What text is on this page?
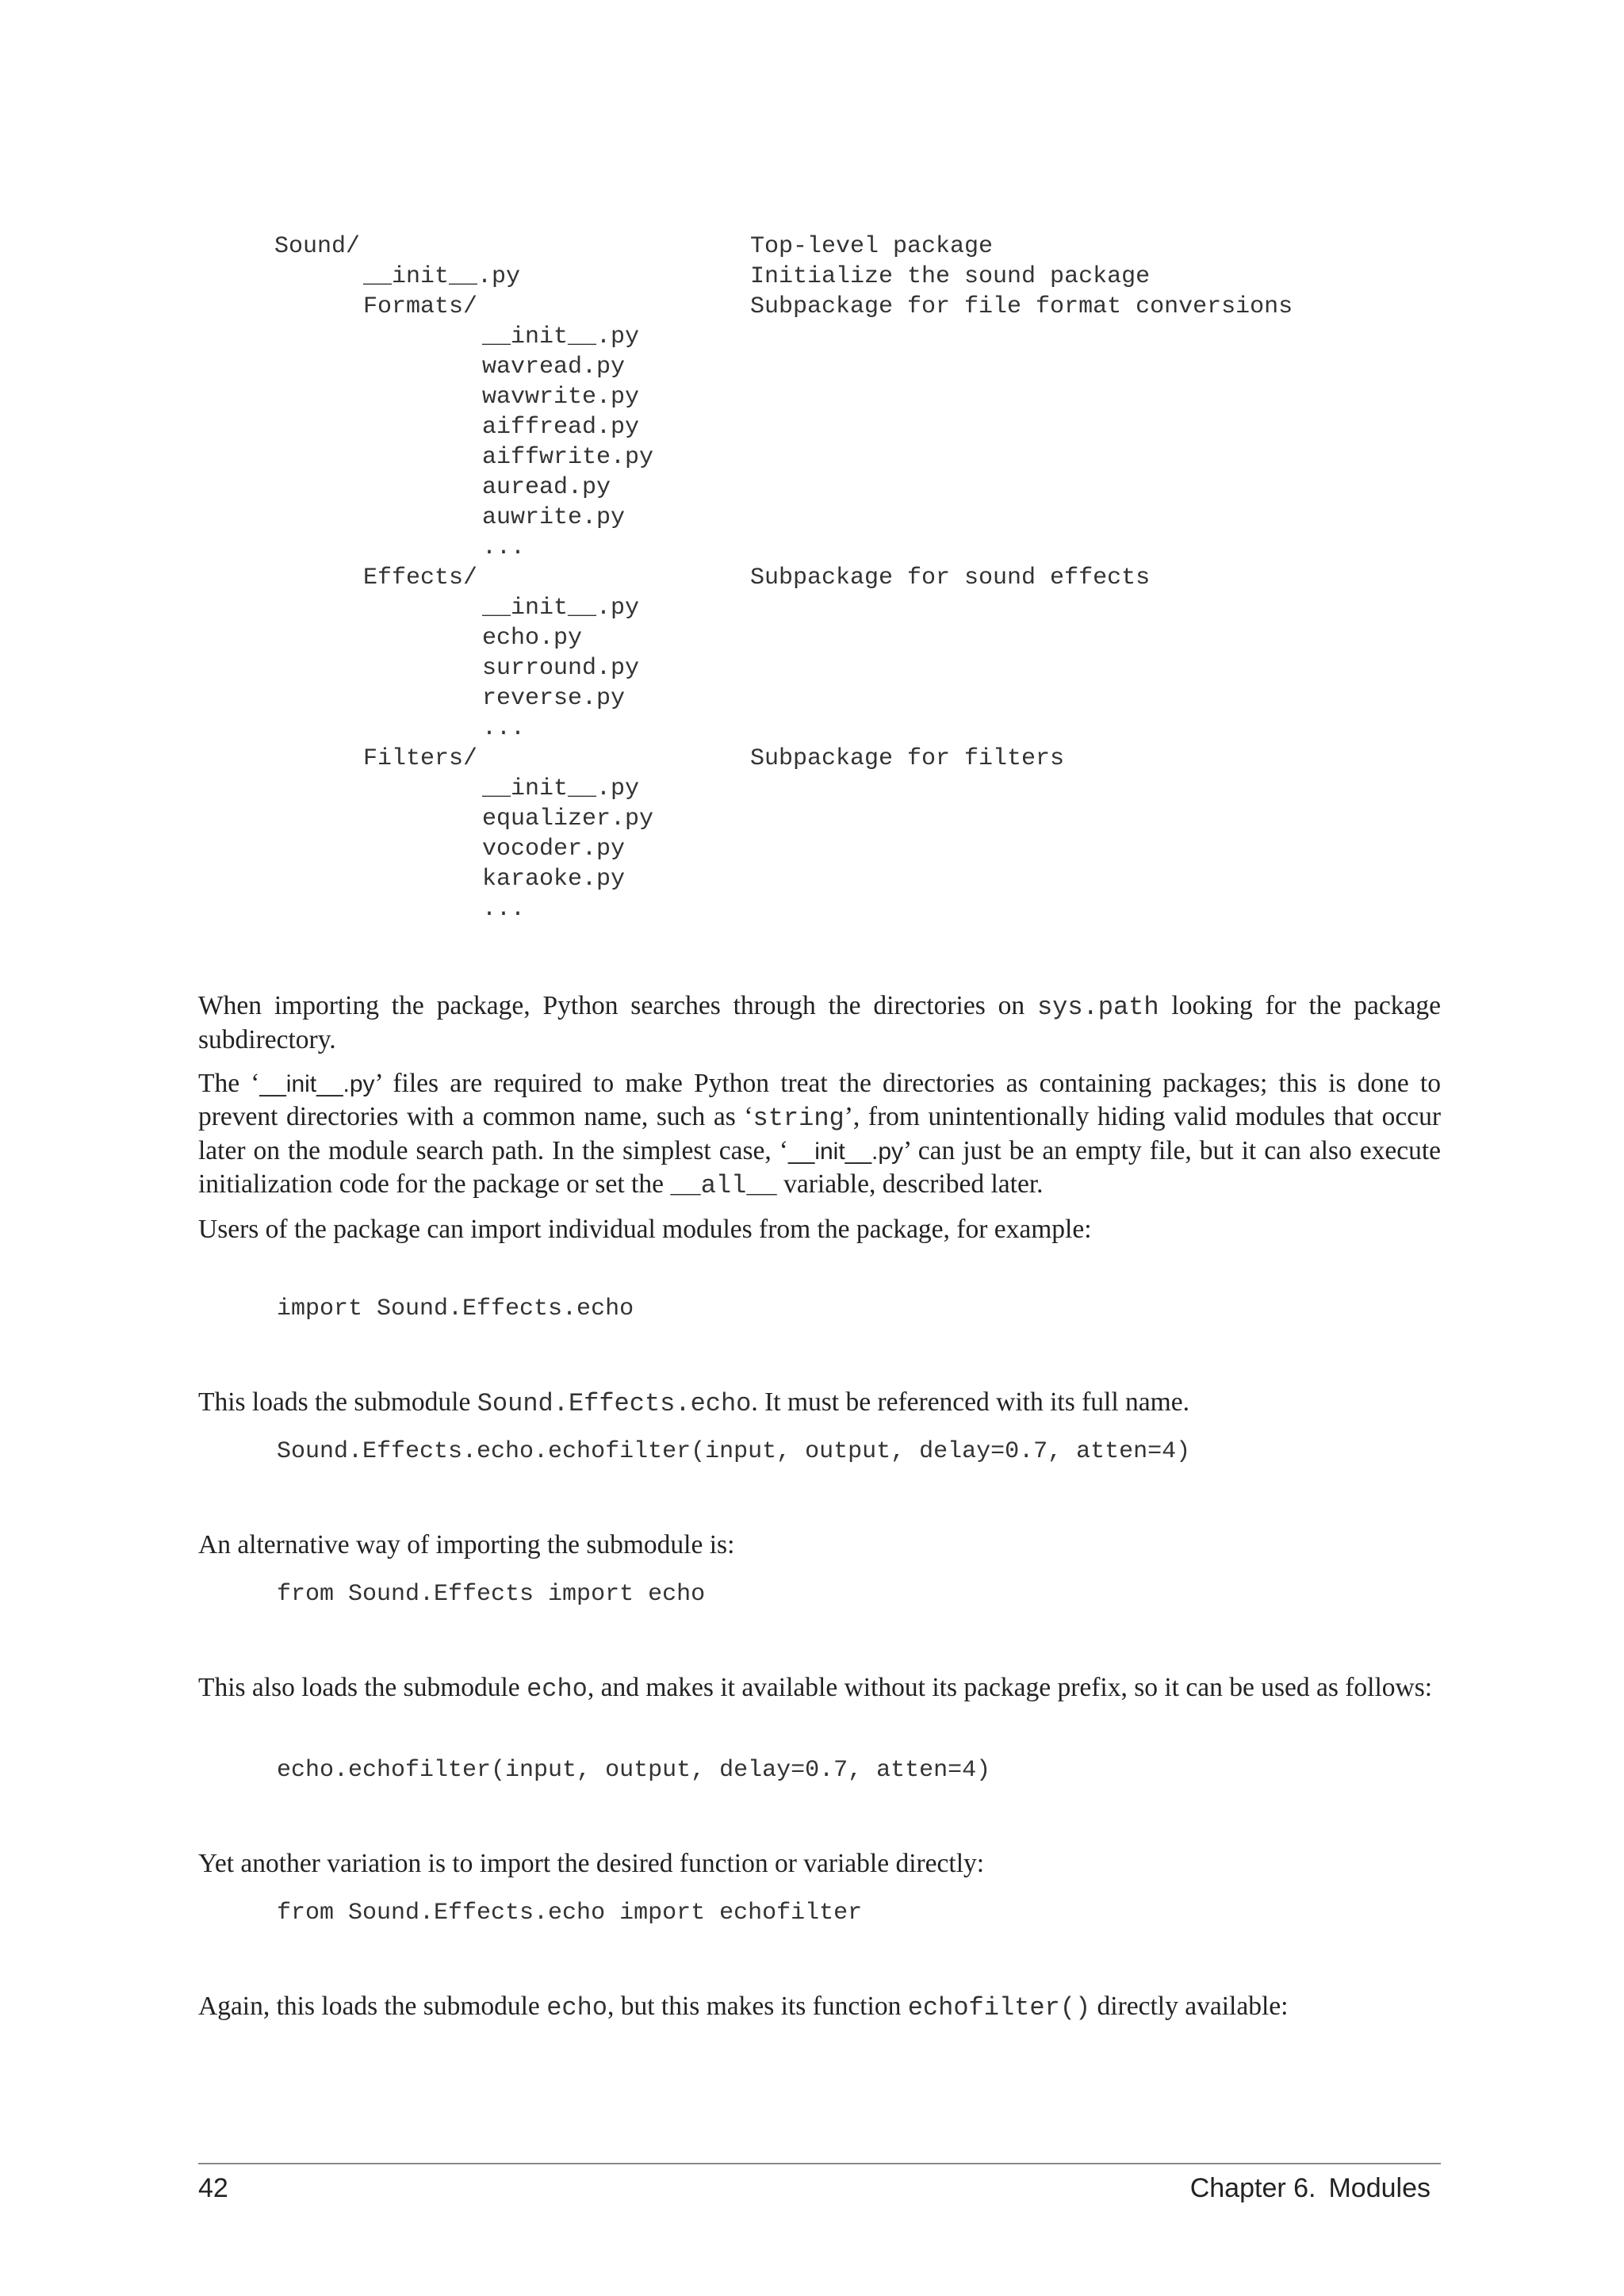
Sound/	Top-level package
__init__.py	Initialize the sound package
Formats/	Subpackage for file format conversions
__init__.py
wavread.py
wavwrite.py
aiffread.py
aiffwrite.py
auread.py
auwrite.py
...
Effects/	Subpackage for sound effects
__init__.py
echo.py
surround.py
reverse.py
...
Filters/	Subpackage for filters
__init__.py
equalizer.py
vocoder.py
karaoke.py
...

When importing the package, Python searches through the directories on sys.path looking for the package subdirectory.

The ‘__init__.py’ files are required to make Python treat the directories as containing packages; this is done to prevent directories with a common name, such as ‘string’, from unintentionally hiding valid modules that occur later on the module search path. In the simplest case, ‘__init__.py’ can just be an empty file, but it can also execute initialization code for the package or set the __all__ variable, described later.

Users of the package can import individual modules from the package, for example:

import Sound.Effects.echo

This loads the submodule Sound.Effects.echo. It must be referenced with its full name.

Sound.Effects.echo.echofilter(input, output, delay=0.7, atten=4)

An alternative way of importing the submodule is:

from Sound.Effects import echo

This also loads the submodule echo, and makes it available without its package prefix, so it can be used as follows:

echo.echofilter(input, output, delay=0.7, atten=4)

Yet another variation is to import the desired function or variable directly:

from Sound.Effects.echo import echofilter

Again, this loads the submodule echo, but this makes its function echofilter() directly available:

42	Chapter 6. Modules
